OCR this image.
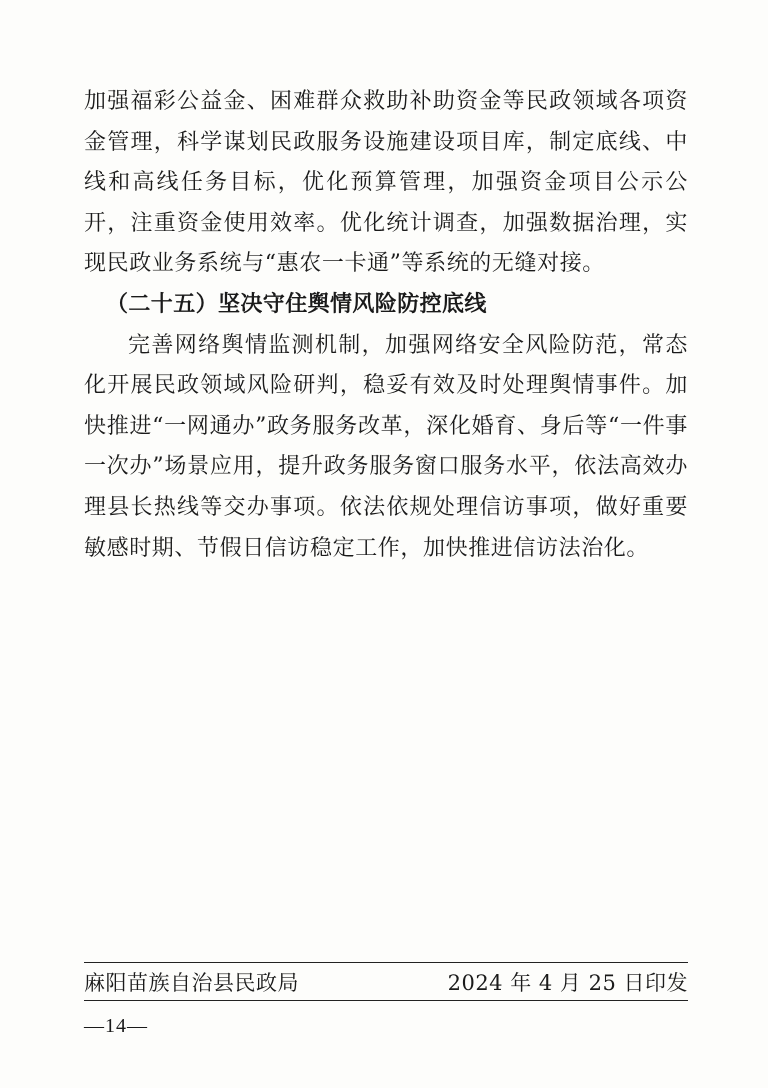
加强福彩公益金、困难群众救助补助资金等民政领域各项资金管理，科学谋划民政服务设施建设项目库，制定底线、中线和高线任务目标，优化预算管理，加强资金项目公示公开，注重资金使用效率。优化统计调查，加强数据治理，实现民政业务系统与“惠农一卡通”等系统的无缝对接。

（二十五）坚决守住舆情风险防控底线

完善网络舆情监测机制，加强网络安全风险防范，常态化开展民政领域风险研判，稳妥有效及时处理舆情事件。加快推进“一网通办”政务服务改革，深化婚育、身后等“一件事一次办”场景应用，提升政务服务窗口服务水平，依法高效办理县长热线等交办事项。依法依规处理信访事项，做好重要敏感时期、节假日信访稳定工作，加快推进信访法治化。

麻阳苗族自治县民政局	2024 年 4 月 25 日印发
—14—
